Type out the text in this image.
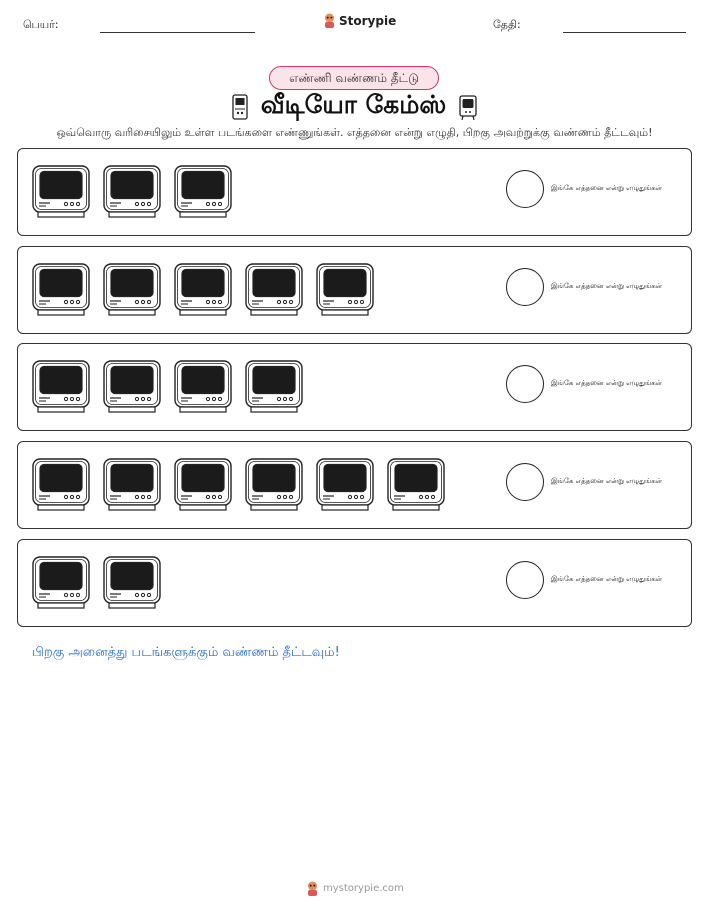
பெயர்:	Storypie	தேதி:
எண்ணி வண்ணம் தீட்டு
வீடியோ கேம்ஸ்
ஒவ்வொரு வரிசையிலும் உள்ள படங்களை எண்ணுங்கள். எத்தனை என்று எழுதி, பிறகு அவற்றுக்கு வண்ணம் தீட்டவும்!
இங்கே எத்தனை என்று எழுதுங்கள்
இங்கே எத்தனை என்று எழுதுங்கள்
இங்கே எத்தனை என்று எழுதுங்கள்
இங்கே எத்தனை என்று எழுதுங்கள்
இங்கே எத்தனை என்று எழுதுங்கள்
பிறகு அனைத்து படங்களுக்கும் வண்ணம் தீட்டவும்!
mystorypie.com
